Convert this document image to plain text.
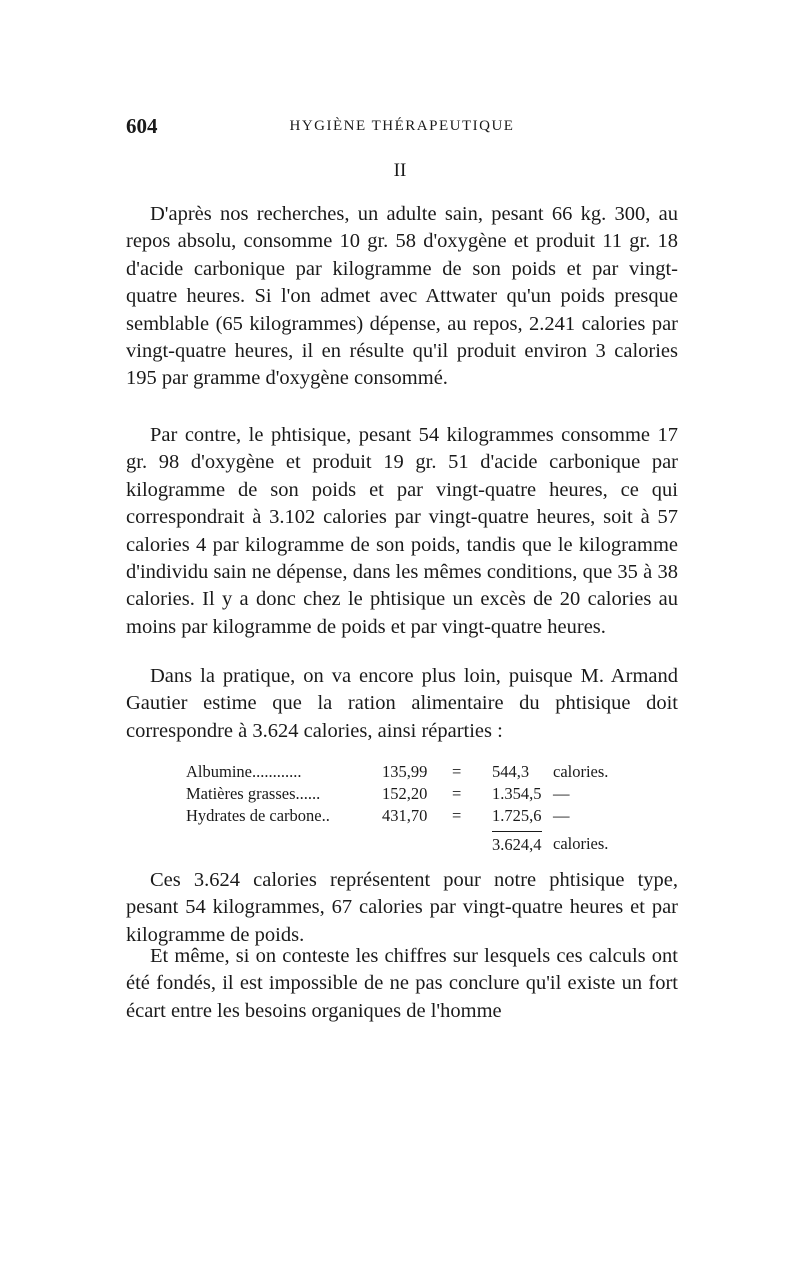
604	HYGIÈNE THÉRAPEUTIQUE
II

D'après nos recherches, un adulte sain, pesant 66 kg. 300, au repos absolu, consomme 10 gr. 58 d'oxygène et produit 11 gr. 18 d'acide carbonique par kilogramme de son poids et par vingt-quatre heures. Si l'on admet avec Attwater qu'un poids presque semblable (65 kilogrammes) dépense, au repos, 2.241 calories par vingt-quatre heures, il en résulte qu'il produit environ 3 calories 195 par gramme d'oxygène consommé.

Par contre, le phtisique, pesant 54 kilogrammes consomme 17 gr. 98 d'oxygène et produit 19 gr. 51 d'acide carbonique par kilogramme de son poids et par vingt-quatre heures, ce qui correspondrait à 3.102 calories par vingt-quatre heures, soit à 57 calories 4 par kilogramme de son poids, tandis que le kilogramme d'individu sain ne dépense, dans les mêmes conditions, que 35 à 38 calories. Il y a donc chez le phtisique un excès de 20 calories au moins par kilogramme de poids et par vingt-quatre heures.

Dans la pratique, on va encore plus loin, puisque M. Armand Gautier estime que la ration alimentaire du phtisique doit correspondre à 3.624 calories, ainsi réparties :

Albumine............	135,99 = 544,3 calories.
Matières grasses......	152,20 = 1.354,5 —
Hydrates de carbone..	431,70 = 1.725,6 —
3.624,4 calories.

Ces 3.624 calories représentent pour notre phtisique type, pesant 54 kilogrammes, 67 calories par vingt-quatre heures et par kilogramme de poids.

Et même, si on conteste les chiffres sur lesquels ces calculs ont été fondés, il est impossible de ne pas conclure qu'il existe un fort écart entre les besoins organiques de l'homme
